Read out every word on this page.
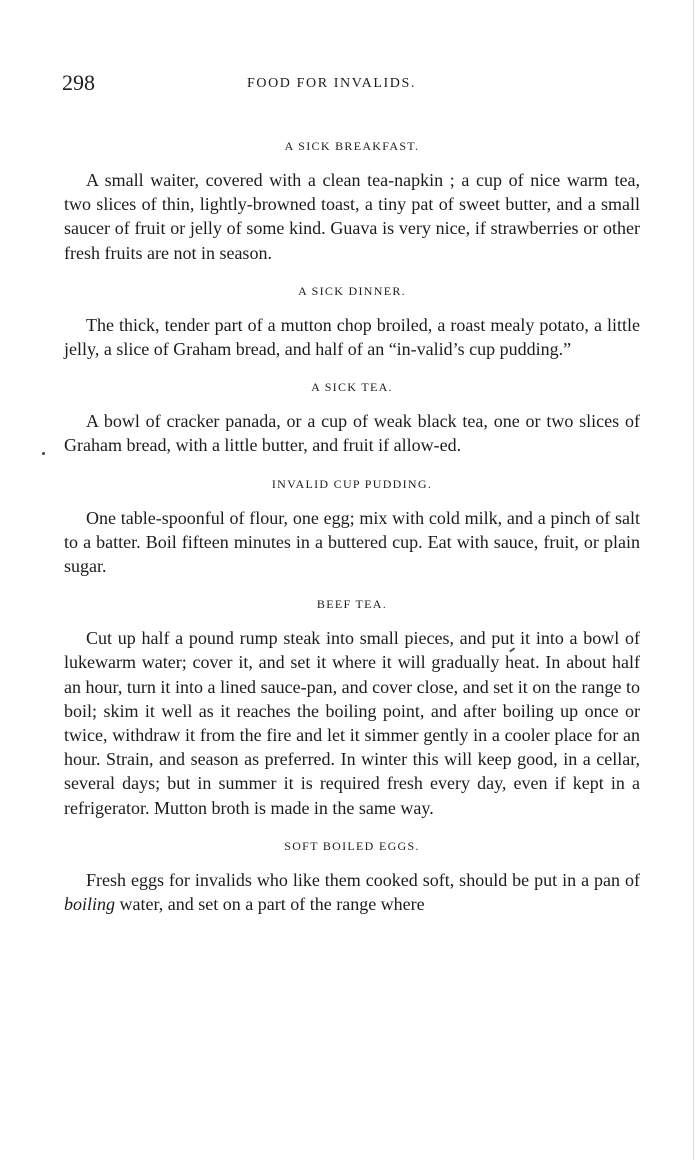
298	FOOD FOR INVALIDS.
A SICK BREAKFAST.

A small waiter, covered with a clean tea-napkin ; a cup of nice warm tea, two slices of thin, lightly-browned toast, a tiny pat of sweet butter, and a small saucer of fruit or jelly of some kind. Guava is very nice, if strawberries or other fresh fruits are not in season.

A SICK DINNER.

The thick, tender part of a mutton chop broiled, a roast mealy potato, a little jelly, a slice of Graham bread, and half of an “in-valid’s cup pudding.”

A SICK TEA.

A bowl of cracker panada, or a cup of weak black tea, one or two slices of Graham bread, with a little butter, and fruit if allow-ed.

INVALID CUP PUDDING.

One table-spoonful of flour, one egg; mix with cold milk, and a pinch of salt to a batter. Boil fifteen minutes in a buttered cup. Eat with sauce, fruit, or plain sugar.

BEEF TEA.

Cut up half a pound rump steak into small pieces, and put it into a bowl of lukewarm water; cover it, and set it where it will gradually heat. In about half an hour, turn it into a lined sauce-pan, and cover close, and set it on the range to boil; skim it well as it reaches the boiling point, and after boiling up once or twice, withdraw it from the fire and let it simmer gently in a cooler place for an hour. Strain, and season as preferred. In winter this will keep good, in a cellar, several days; but in summer it is required fresh every day, even if kept in a refrigerator. Mutton broth is made in the same way.

SOFT BOILED EGGS.

Fresh eggs for invalids who like them cooked soft, should be put in a pan of boiling water, and set on a part of the range where
